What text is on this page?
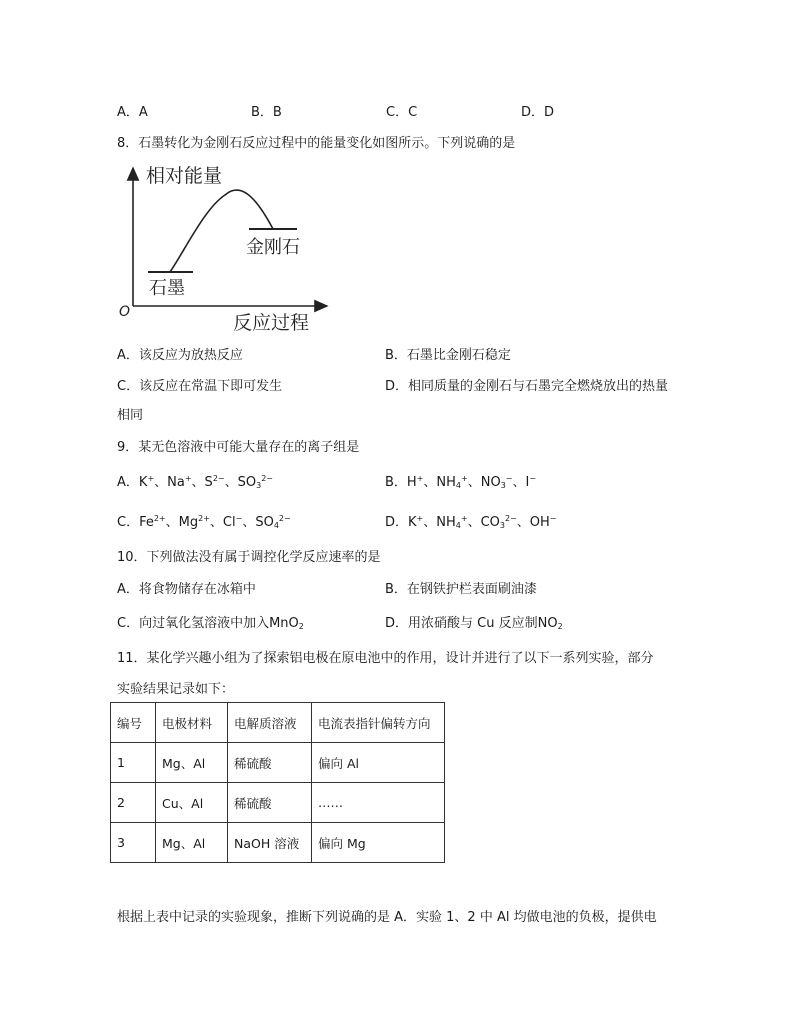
A．A	B．B	C．C	D．D
8．石墨转化为金刚石反应过程中的能量变化如图所示。下列说确的是
相对能量
金刚石
石墨
O	反应过程
A．该反应为放热反应	B．石墨比金刚石稳定
C．该反应在常温下即可发生	D．相同质量的金刚石与石墨完全燃烧放出的热量
相同
9．某无色溶液中可能大量存在的离子组是
A．K+、Na+、$S^{2-}$、$SO_3^{2-}$	B．H+、$NH_4^+$、$NO_3^-$、I−
C．$Fe^{2+}$、$Mg^{2+}$、Cl−、$SO_4^{2-}$	D．K+、$NH_4^+$、$CO_3^{2-}$、OH−
10．下列做法没有属于调控化学反应速率的是
A．将食物储存在冰箱中	B．在钢铁护栏表面刷油漆
C．向过氧化氢溶液中加入MnO$_2$	D．用浓硝酸与 Cu 反应制$NO_2$
11．某化学兴趣小组为了探索铝电极在原电池中的作用，设计并进行了以下一系列实验，部分
实验结果记录如下：
编号	电极材料	电解质溶液	电流表指针偏转方向
1	Mg、Al	稀硫酸	偏向 Al
2	Cu、Al	稀硫酸	……
3	Mg、Al	NaOH 溶液	偏向 Mg
根据上表中记录的实验现象，推断下列说确的是 A．实验 1、2 中 Al 均做电池的负极，提供电
